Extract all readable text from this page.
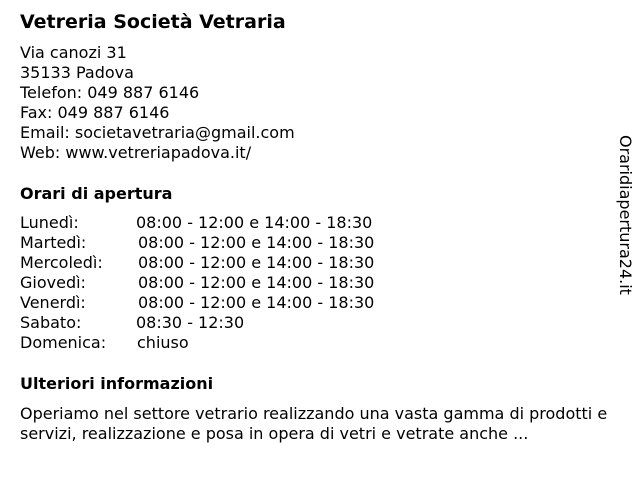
Vetreria Società Vetraria
Via canozi 31
35133 Padova
Telefon: 049 887 6146
Fax: 049 887 6146
Email: societavetraria@gmail.com
Web: www.vetreriapadova.it/
Orari di apertura
Lunedì:	08:00 - 12:00 e 14:00 - 18:30
Martedì:	08:00 - 12:00 e 14:00 - 18:30
Mercoledì: 08:00 - 12:00 e 14:00 - 18:30
Giovedì:	08:00 - 12:00 e 14:00 - 18:30
Venerdì:	08:00 - 12:00 e 14:00 - 18:30
Sabato:	08:30 - 12:30
Domenica: chiuso
Ulteriori informazioni
Operiamo nel settore vetrario realizzando una vasta gamma di prodotti e servizi, realizzazione e posa in opera di vetri e vetrate anche ...
Oraridiapertura24.it
